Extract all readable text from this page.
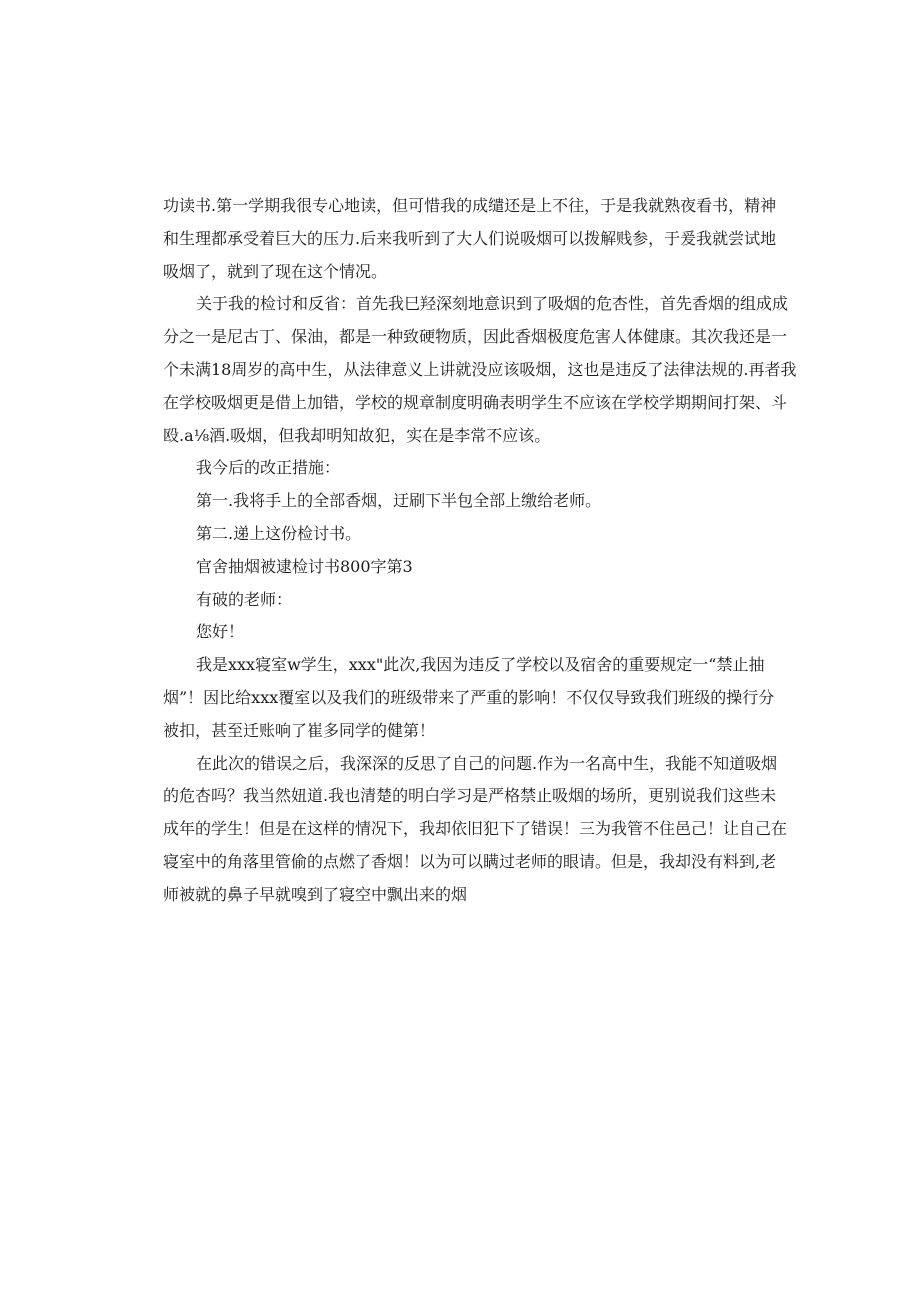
功读书.第一学期我很专心地读，但可惜我的成缱还是上不往，于是我就熟夜看书，精神
和生理都承受着巨大的压力.后来我听到了大人们说吸烟可以拨解贱参，于爰我就尝试地
吸烟了，就到了现在这个情况。
关于我的检讨和反省：首先我巳羟深刻地意识到了吸烟的危杏性，首先香烟的组成成
分之一是尼古丁、保油，都是一种致硬物质，因此香烟极度危害人体健康。其次我还是一
个未满18周岁的高中生，从法律意义上讲就没应该吸烟，这也是违反了法律法规的.再者我
在学校吸烟更是借上加错，学校的规章制度明确表明学生不应该在学校学期期间打架、斗
殴.a⅛酒.吸烟，但我却明知故犯，实在是李常不应该。
我今后的改正措施：
第一.我将手上的全部香烟，迂刷下半包全部上缴给老师。
第二.递上这份检讨书。
官舍抽烟被逮检讨书800字第3
有破的老师：
您好！
我是xxx寝室w学生，xxx"此次,我因为违反了学校以及宿舍的重要规定一“禁止抽
烟”！因比给xxx覆室以及我们的班级带来了严重的影响！不仅仅导致我们班级的操行分
被扣，甚至迁账响了崔多同学的健第！
在此次的错误之后，我深深的反思了自己的问题.作为一名高中生，我能不知道吸烟
的危杏吗？我当然妞道.我也清楚的明白学习是严格禁止吸烟的场所，更别说我们这些未
成年的学生！但是在这样的情况下，我却依旧犯下了错误！三为我管不住邑己！让自己在
寝室中的角落里管偷的点燃了香烟！以为可以瞒过老师的眼请。但是，我却没有料到,老
师被就的鼻子早就嗅到了寝空中飘出来的烟
